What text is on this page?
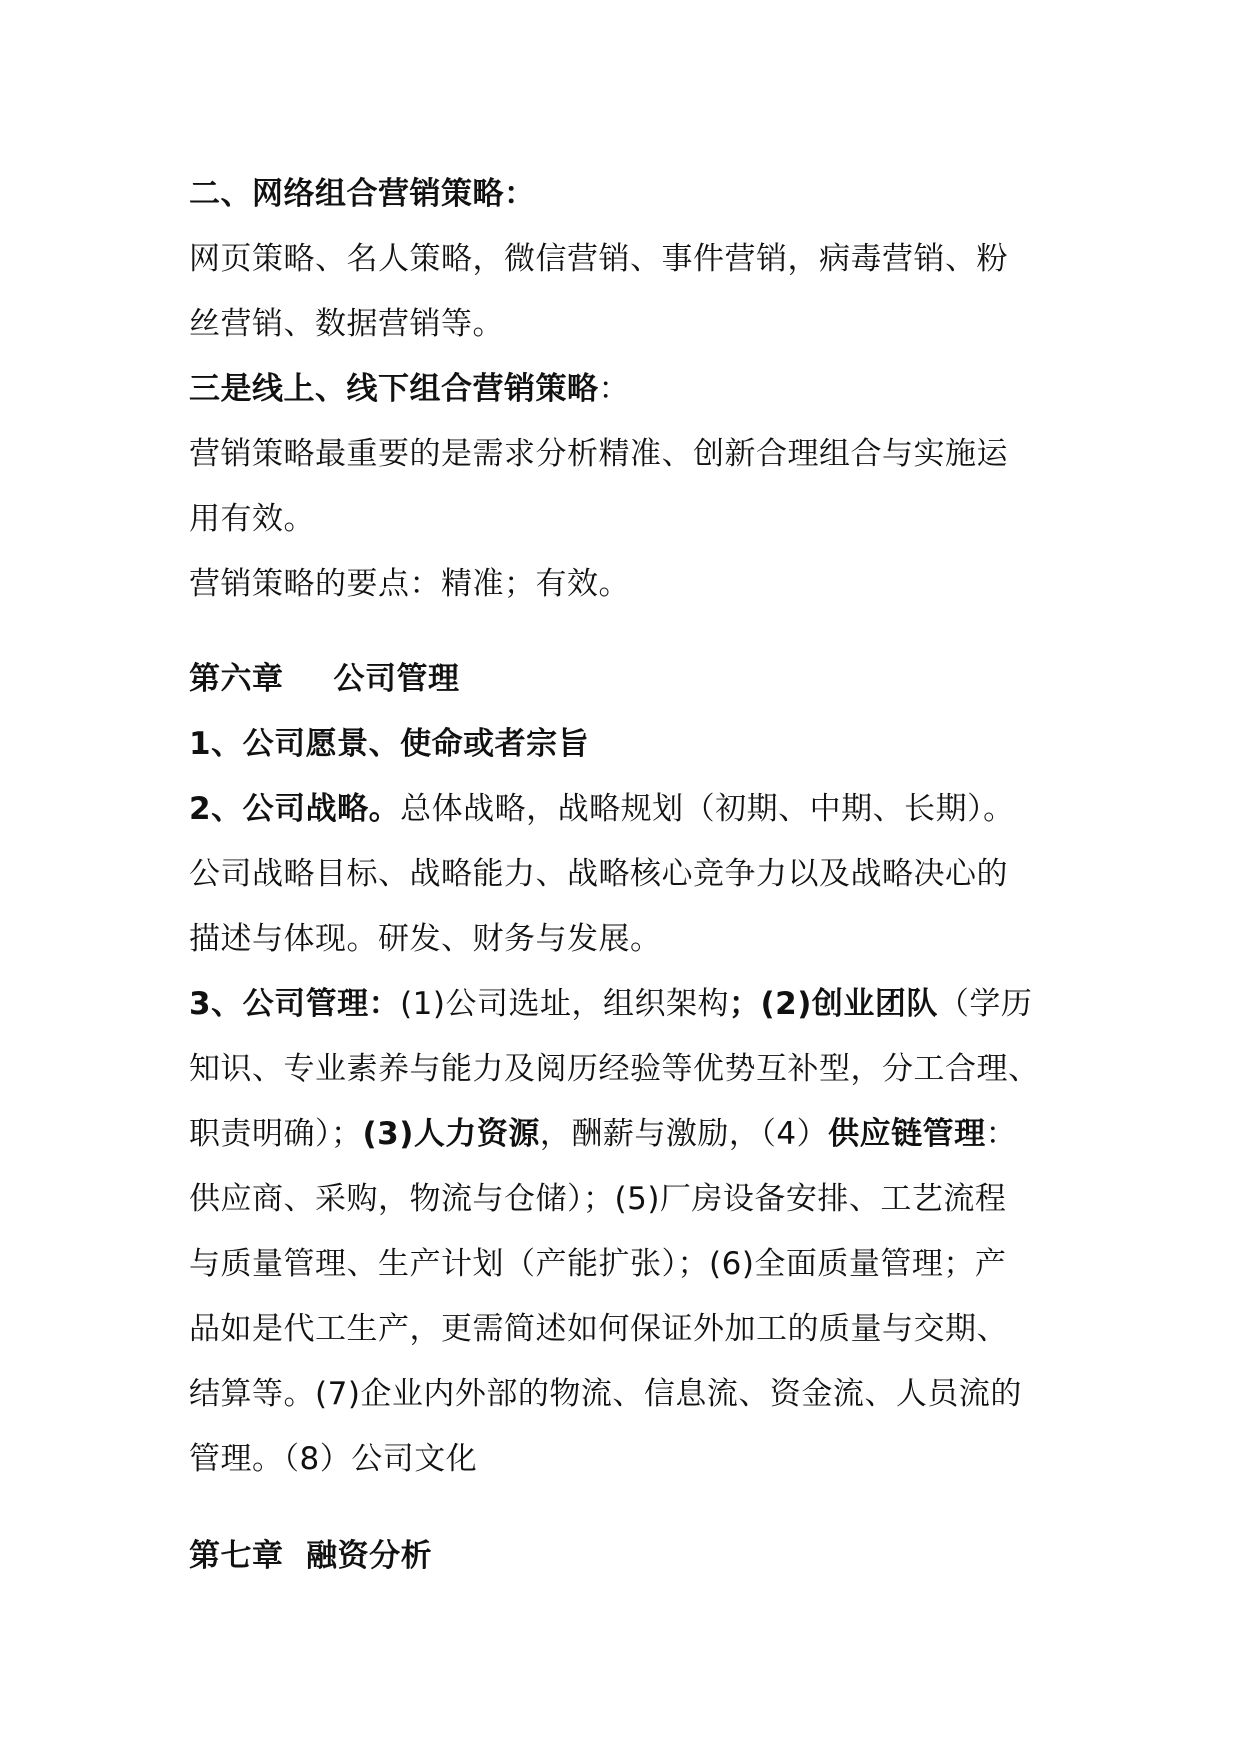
二、网络组合营销策略：
网页策略、名人策略，微信营销、事件营销，病毒营销、粉
丝营销、数据营销等。
三是线上、线下组合营销策略：
营销策略最重要的是需求分析精准、创新合理组合与实施运
用有效。
营销策略的要点：精准；有效。
第六章 公司管理
1、公司愿景、使命或者宗旨
2、公司战略。总体战略，战略规划（初期、中期、长期）。
公司战略目标、战略能力、战略核心竞争力以及战略决心的
描述与体现。研发、财务与发展。
3、公司管理：(1)公司选址，组织架构；(2)创业团队（学历
知识、专业素养与能力及阅历经验等优势互补型，分工合理、
职责明确）；(3)人力资源，酬薪与激励，（4）供应链管理：
供应商、采购，物流与仓储）；(5)厂房设备安排、工艺流程
与质量管理、生产计划（产能扩张）；(6)全面质量管理；产
品如是代工生产，更需简述如何保证外加工的质量与交期、
结算等。(7)企业内外部的物流、信息流、资金流、人员流的
管理。（8）公司文化
第七章  融资分析
